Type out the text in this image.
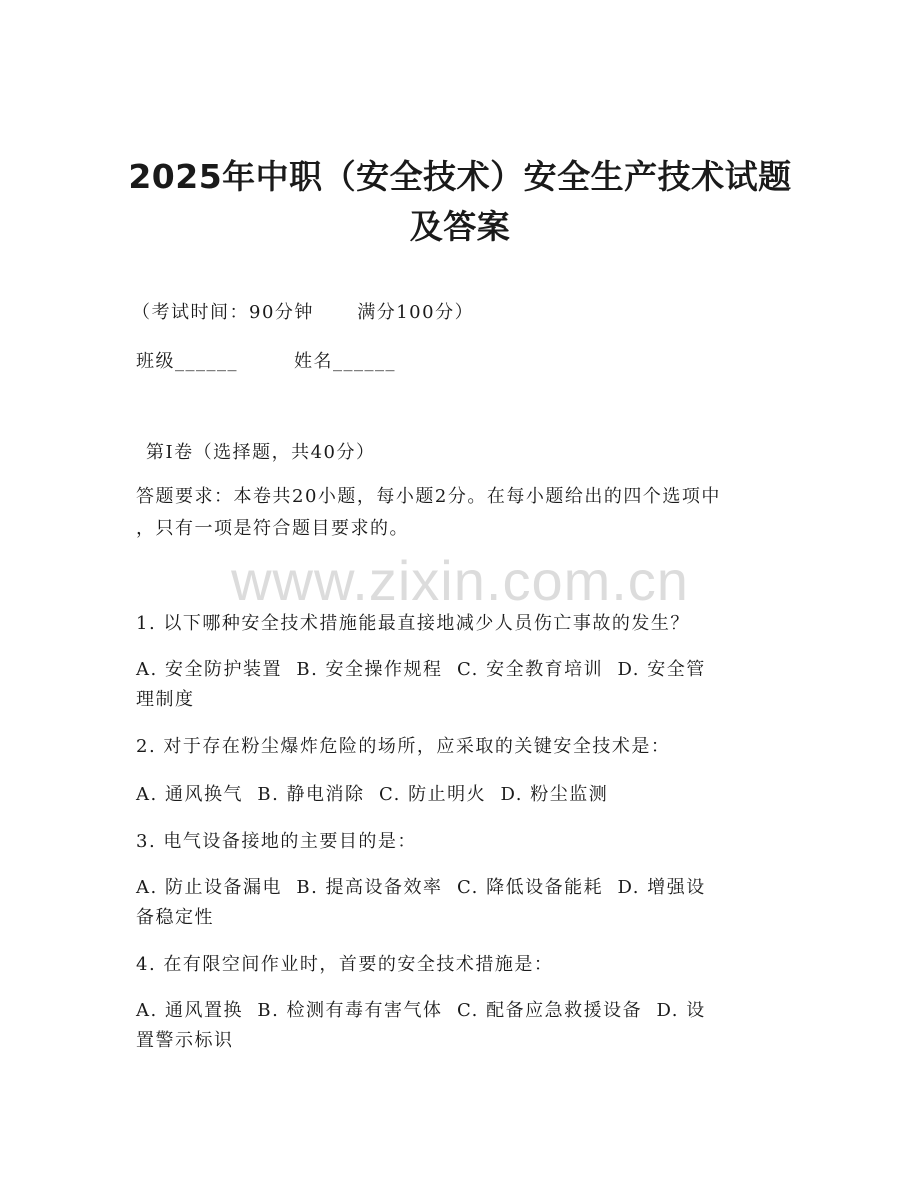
www.zixin.com.cn
2025年中职（安全技术）安全生产技术试题
及答案
（考试时间：90分钟      满分100分）
班级______	姓名______
第I卷（选择题，共40分）
答题要求：本卷共20小题，每小题2分。在每小题给出的四个选项中
，只有一项是符合题目要求的。
1. 以下哪种安全技术措施能最直接地减少人员伤亡事故的发生？
A. 安全防护装置  B. 安全操作规程  C. 安全教育培训  D. 安全管
理制度
2. 对于存在粉尘爆炸危险的场所，应采取的关键安全技术是：
A. 通风换气  B. 静电消除  C. 防止明火  D. 粉尘监测
3. 电气设备接地的主要目的是：
A. 防止设备漏电  B. 提高设备效率  C. 降低设备能耗  D. 增强设
备稳定性
4. 在有限空间作业时，首要的安全技术措施是：
A. 通风置换  B. 检测有毒有害气体  C. 配备应急救援设备  D. 设
置警示标识
